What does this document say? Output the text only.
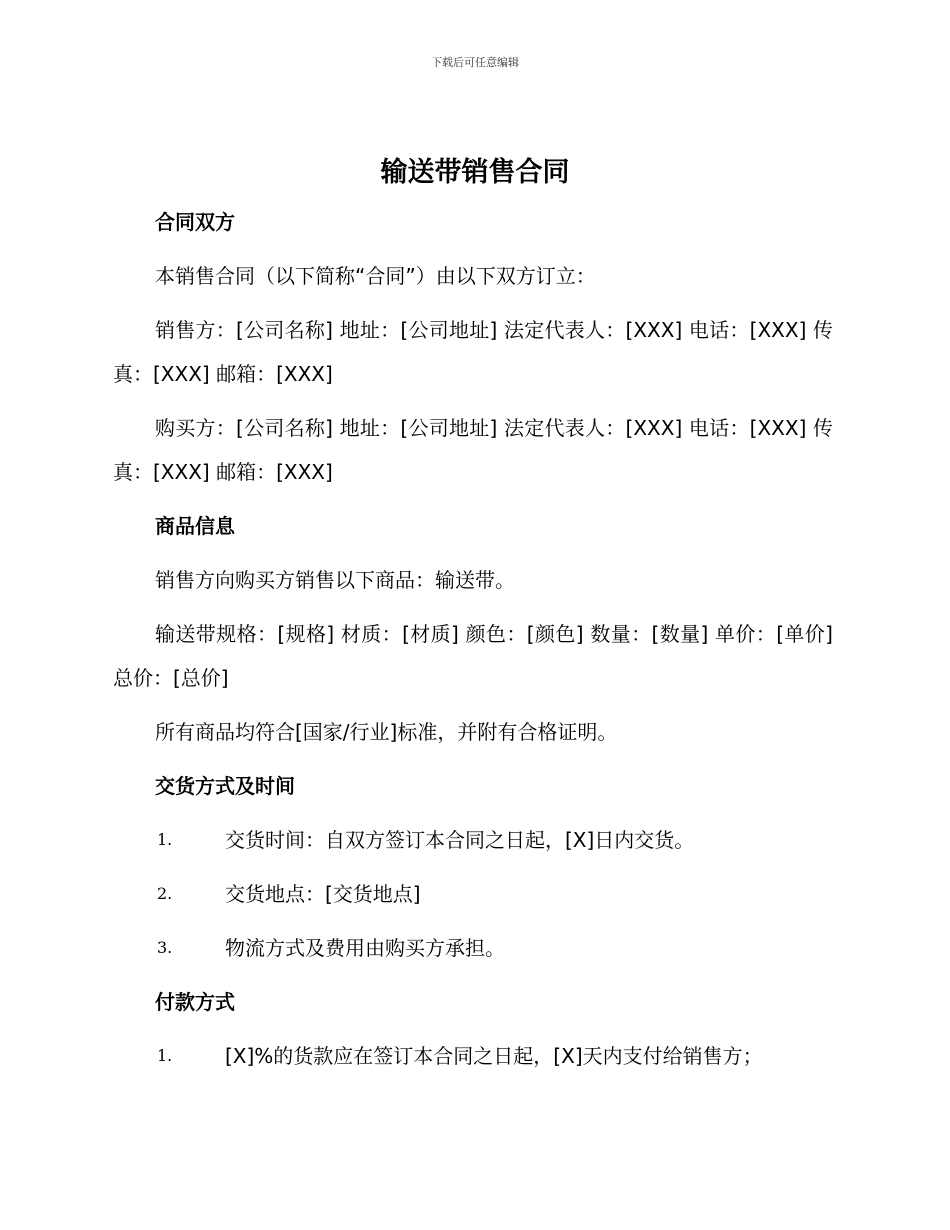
下载后可任意编辑
输送带销售合同
合同双方
本销售合同（以下简称“合同”）由以下双方订立：
销售方：[公司名称] 地址：[公司地址] 法定代表人：[XXX] 电话：[XXX] 传真：[XXX] 邮箱：[XXX]
购买方：[公司名称] 地址：[公司地址] 法定代表人：[XXX] 电话：[XXX] 传真：[XXX] 邮箱：[XXX]
商品信息
销售方向购买方销售以下商品：输送带。
输送带规格：[规格] 材质：[材质] 颜色：[颜色] 数量：[数量] 单价：[单价] 总价：[总价]
所有商品均符合[国家/行业]标准，并附有合格证明。
交货方式及时间
1.	交货时间：自双方签订本合同之日起，[X]日内交货。
2.	交货地点：[交货地点]
3.	物流方式及费用由购买方承担。
付款方式
1.	[X]%的货款应在签订本合同之日起，[X]天内支付给销售方；
